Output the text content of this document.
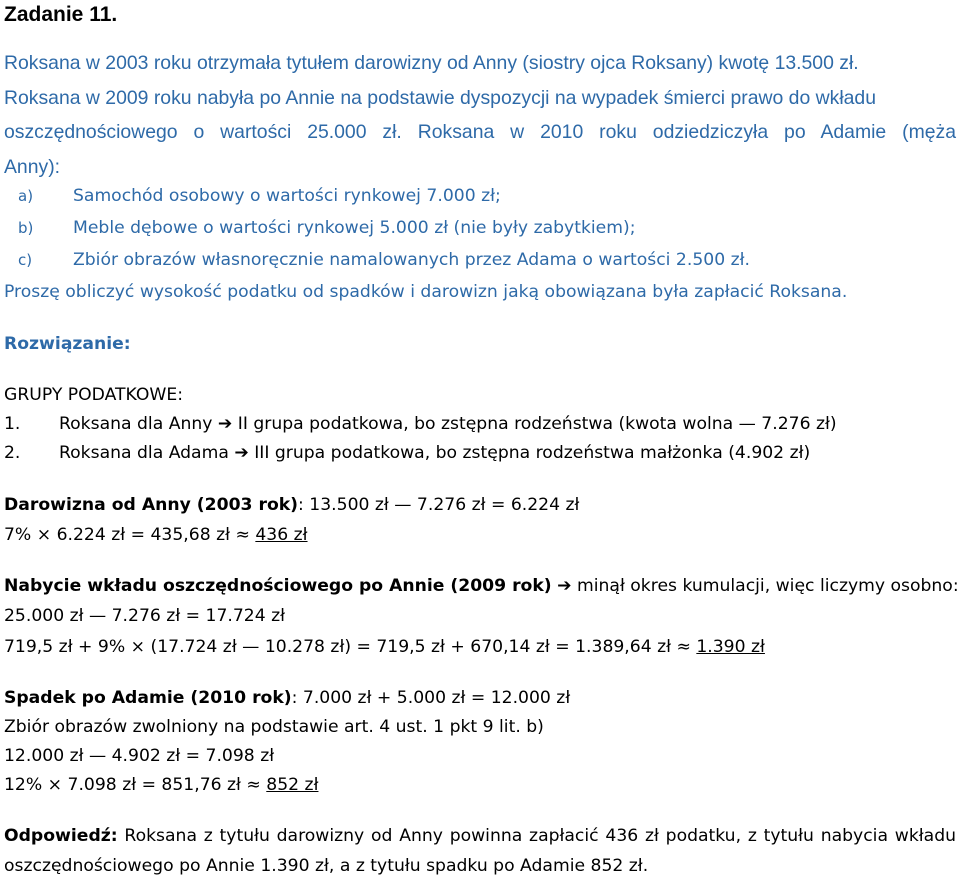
Zadanie 11.
Roksana w 2003 roku otrzymała tytułem darowizny od Anny (siostry ojca Roksany) kwotę 13.500 zł.
Roksana w 2009 roku nabyła po Annie na podstawie dyspozycji na wypadek śmierci prawo do wkładu
oszczędnościowego o wartości 25.000 zł. Roksana w 2010 roku odziedziczyła po Adamie (męża
Anny):
a) Samochód osobowy o wartości rynkowej 7.000 zł;
b) Meble dębowe o wartości rynkowej 5.000 zł (nie były zabytkiem);
c) Zbiór obrazów własnoręcznie namalowanych przez Adama o wartości 2.500 zł.
Proszę obliczyć wysokość podatku od spadków i darowizn jaką obowiązana była zapłacić Roksana.
Rozwiązanie:
GRUPY PODATKOWE:
1. Roksana dla Anny ➔ II grupa podatkowa, bo zstępna rodzeństwa (kwota wolna — 7.276 zł)
2. Roksana dla Adama ➔ III grupa podatkowa, bo zstępna rodzeństwa małżonka (4.902 zł)
Darowizna od Anny (2003 rok): 13.500 zł — 7.276 zł = 6.224 zł
7% × 6.224 zł = 435,68 zł ≈ 436 zł
Nabycie wkładu oszczędnościowego po Annie (2009 rok) ➔ minął okres kumulacji, więc liczymy osobno:
25.000 zł — 7.276 zł = 17.724 zł
719,5 zł + 9% × (17.724 zł — 10.278 zł) = 719,5 zł + 670,14 zł = 1.389,64 zł ≈ 1.390 zł
Spadek po Adamie (2010 rok): 7.000 zł + 5.000 zł = 12.000 zł
Zbiór obrazów zwolniony na podstawie art. 4 ust. 1 pkt 9 lit. b)
12.000 zł — 4.902 zł = 7.098 zł
12% × 7.098 zł = 851,76 zł ≈ 852 zł
Odpowiedź: Roksana z tytułu darowizny od Anny powinna zapłacić 436 zł podatku, z tytułu nabycia wkładu
oszczędnościowego po Annie 1.390 zł, a z tytułu spadku po Adamie 852 zł.
